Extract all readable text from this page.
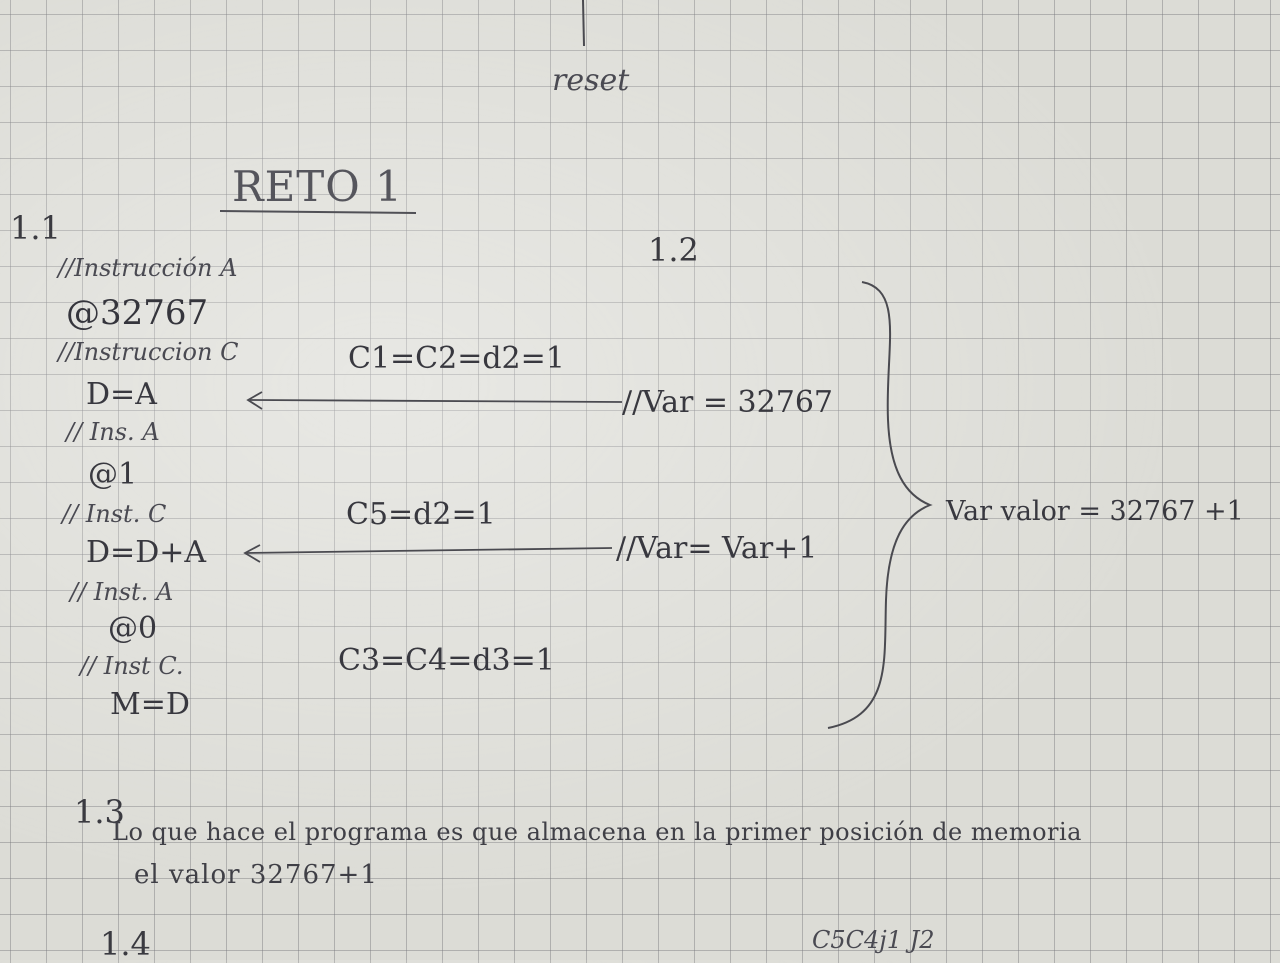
reset
RETO 1
1.1
//Instrucción A
@32767
//Instruccion C
D=A
// Ins. A
@1
// Inst. C
D=D+A
// Inst. A
@0
// Inst C.
M=D
C1=C2=d2=1
C5=d2=1
C3=C4=d3=1
1.2
//Var = 32767
//Var= Var+1
Var valor = 32767 +1
1.3
Lo que hace el programa es que almacena en la primer posición de memoria
el valor 32767+1
1.4	C5C4j1 J2
